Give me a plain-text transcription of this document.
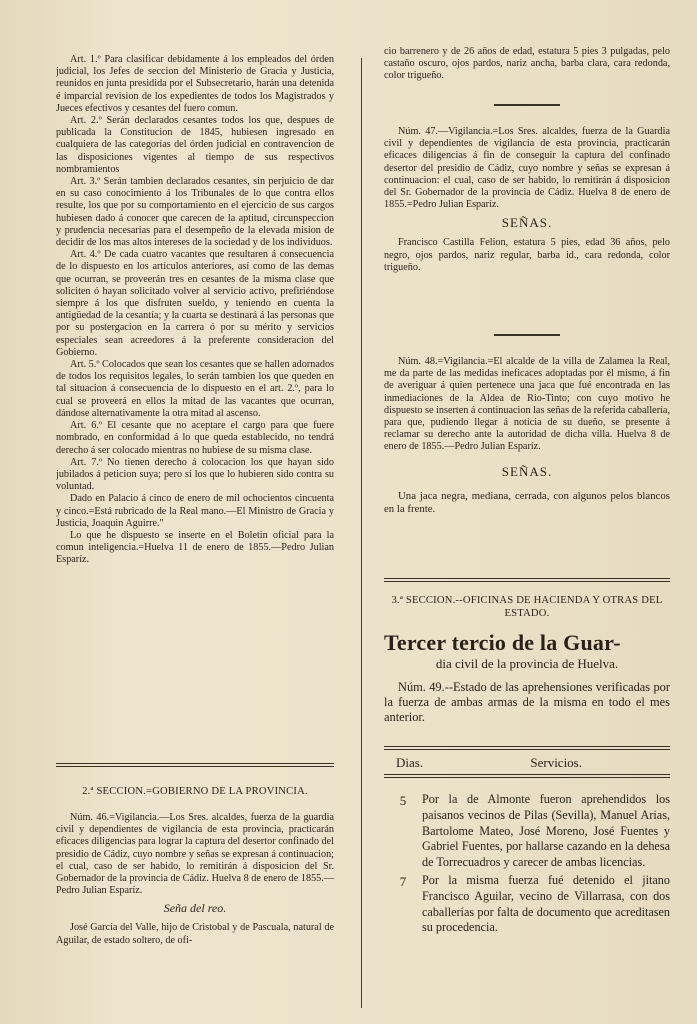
Art. 1.º Para clasificar debidamente á los empleados del órden judicial, los Jefes de seccion del Ministerio de Gracia y Justicia, reunidos en junta presidida por el Subsecretario, harán una detenida é imparcial revision de los expedientes de todos los Magistrados y Jueces efectivos y cesantes del fuero comun.

Art. 2.º Serán declarados cesantes todos los que, despues de publicada la Constitucion de 1845, hubiesen ingresado en cualquiera de las categorías del órden judicial en contravencion de las disposiciones vigentes al tiempo de sus respectivos nombramientos

Art. 3.º Serán tambien declarados cesantes, sin perjuicio de dar en su caso conocimiento á los Tribunales de lo que contra ellos resulte, los que por su comportamiento en el ejercicio de sus cargos hubiesen dado á conocer que carecen de la aptitud, circunspeccion y prudencia necesarias para el desempeño de la elevada mision de decidir de los mas altos intereses de la sociedad y de los individuos.

Art. 4.º De cada cuatro vacantes que resultaren á consecuencia de lo dispuesto en los artículos anteriores, así como de las demas que ocurran, se proveerán tres en cesantes de la misma clase que soliciten ó hayan solicitado volver al servicio activo, prefiriéndose siempre á los que disfruten sueldo, y teniendo en cuenta la antigüedad de la cesantía; y la cuarta se destinará á las personas que por su postergacion en la carrera ó por su mérito y servicios especiales sean acreedores á la preferente consideracion del Gobierno.

Art. 5.º Colocados que sean los cesantes que se hallen adornados de todos los requisitos legales, lo serán tambien los que queden en tal situacion á consecuencia de lo dispuesto en el art. 2.º, para lo cual se proveerá en ellos la mitad de las vacantes que ocurran, dándose alternativamente la otra mitad al ascenso.

Art. 6.º El cesante que no aceptare el cargo para que fuere nombrado, en conformidad á lo que queda establecido, no tendrá derecho á ser colocado mientras no hubiese de su misma clase.

Art. 7.º No tienen derecho á colocacion los que hayan sido jubilados á peticion suya; pero sí los que lo hubieren sido contra su voluntad.

Dado en Palacio á cinco de enero de mil ochocientos cincuenta y cinco.=Está rubricado de la Real mano.—El Ministro de Gracia y Justicia, Joaquin Aguirre."

Lo que he dispuesto se inserte en el Boletin oficial para la comun inteligencia.=Huelva 11 de enero de 1855.—Pedro Julian Esparíz.

2.ª SECCION.=GOBIERNO DE LA PROVINCIA.

Núm. 46.=Vigilancia.—Los Sres. alcaldes, fuerza de la guardia civil y dependientes de vigilancia de esta provincia, practicarán eficaces diligencias para lograr la captura del desertor confinado del presidio de Cádiz, cuyo nombre y señas se expresan á continuacion; el cual, caso de ser habido, lo remitirán á disposicion del Sr. Gobernador de la provincia de Cádiz. Huelva 8 de enero de 1855.—Pedro Julian Esparíz.

Seña del reo.

José García del Valle, hijo de Cristobal y de Pascuala, natural de Aguilar, de estado soltero, de ofi-

cio barrenero y de 26 años de edad, estatura 5 pies 3 pulgadas, pelo castaño oscuro, ojos pardos, nariz ancha, barba clara, cara redonda, color trigueño.

Núm. 47.—Vigilancia.=Los Sres. alcaldes, fuerza de la Guardia civil y dependientes de vigilancia de esta provincia, practicarán eficaces diligencias á fin de conseguir la captura del confinado desertor del presidio de Cádiz, cuyo nombre y señas se expresan á continuacion: el cual, caso de ser habido, lo remitirán á disposicion del Sr. Gobernador de la provincia de Cádiz. Huelva 8 de enero de 1855.=Pedro Julian Esparíz.

SEÑAS.

Francisco Castilla Felion, estatura 5 pies, edad 36 años, pelo negro, ojos pardos, nariz regular, barba id., cara redonda, color trigueño.

Núm. 48.=Vigilancia.=El alcalde de la villa de Zalamea la Real, me da parte de las medidas ineficaces adoptadas por él mismo, á fin de averiguar á quien pertenece una jaca que fué encontrada en las inmediaciones de la Aldea de Rio-Tinto; con cuyo motivo he dispuesto se inserten á continuacion las señas de la referida caballería, para que, pudiendo llegar á noticia de su dueño, se presente á reclamar su derecho ante la autoridad de dicha villa. Huelva 8 de enero de 1855.—Pedro Julian Esparíz.

SEÑAS.

Una jaca negra, mediana, cerrada, con algunos pelos blancos en la frente.

3.ª SECCION.--OFICINAS DE HACIENDA Y OTRAS DEL ESTADO.
Tercer tercio de la Guar-
dia civil de la provincia de Huelva.

Núm. 49.--Estado de las aprehensiones verificadas por la fuerza de ambas armas de la misma en todo el mes anterior.

Dias.	Servicios.
5	Por la de Almonte fueron aprehendidos los paisanos vecinos de Pilas (Sevilla), Manuel Arias, Bartolome Mateo, José Moreno, José Fuentes y Gabriel Fuentes, por hallarse cazando en la dehesa de Torrecuadros y carecer de ambas licencias.
7	Por la misma fuerza fué detenido el jitano Francisco Aguilar, vecino de Villarrasa, con dos caballerías por falta de documento que acreditasen su procedencia.
